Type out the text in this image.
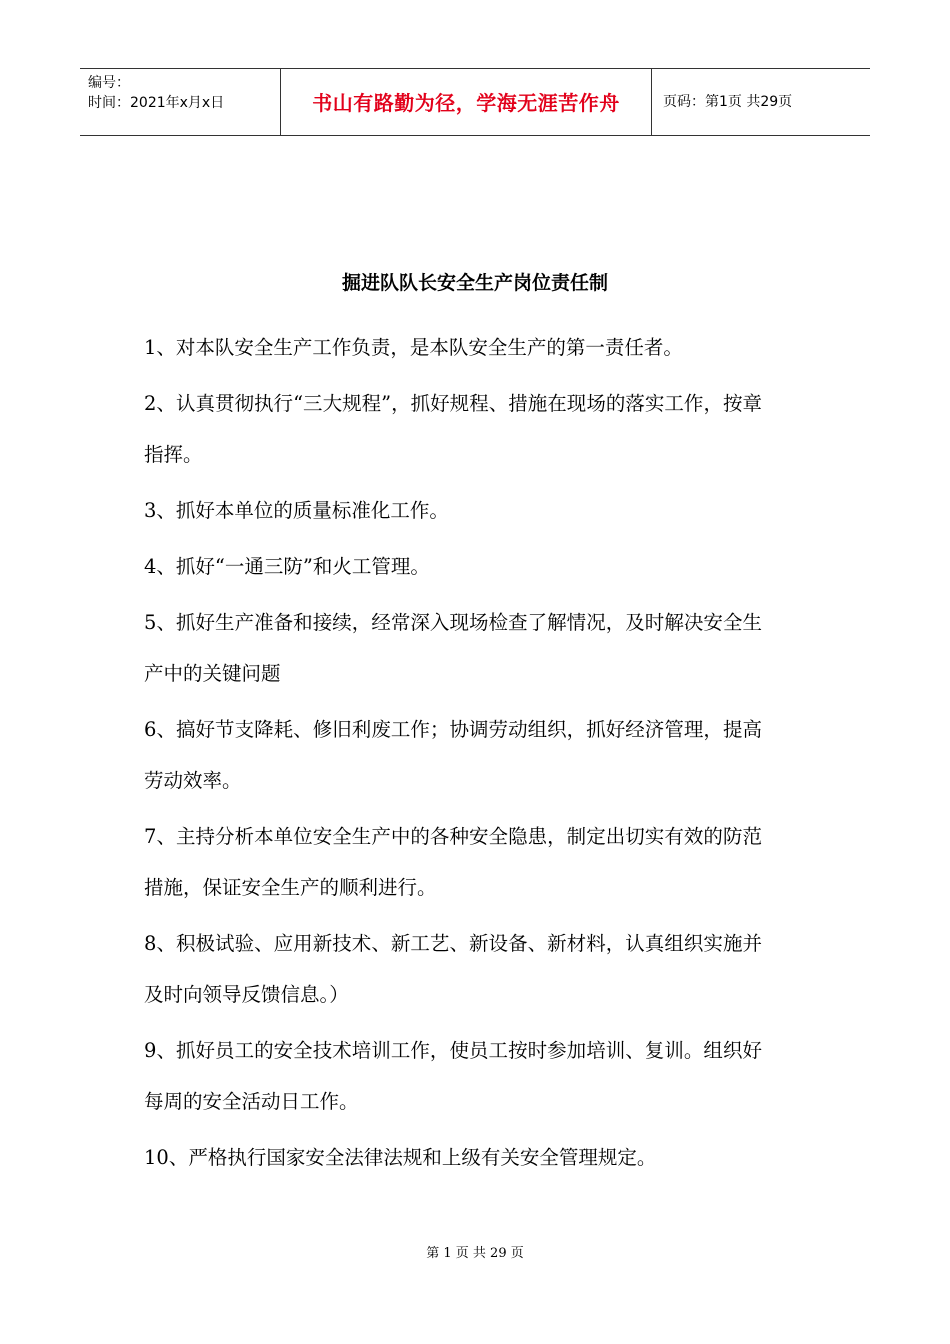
编号：
时间：2021年x月x日	书山有路勤为径，学海无涯苦作舟	页码：第1页 共29页
掘进队队长安全生产岗位责任制

1、对本队安全生产工作负责，是本队安全生产的第一责任者。

2、认真贯彻执行“三大规程”，抓好规程、措施在现场的落实工作，按章指挥。

3、抓好本单位的质量标准化工作。

4、抓好“一通三防”和火工管理。

5、抓好生产准备和接续，经常深入现场检查了解情况，及时解决安全生产中的关键问题

6、搞好节支降耗、修旧利废工作；协调劳动组织，抓好经济管理，提高劳动效率。

7、主持分析本单位安全生产中的各种安全隐患，制定出切实有效的防范措施，保证安全生产的顺利进行。

8、积极试验、应用新技术、新工艺、新设备、新材料，认真组织实施并及时向领导反馈信息。）

9、抓好员工的安全技术培训工作，使员工按时参加培训、复训。组织好每周的安全活动日工作。

10、严格执行国家安全法律法规和上级有关安全管理规定。

第 1 页 共 29 页
